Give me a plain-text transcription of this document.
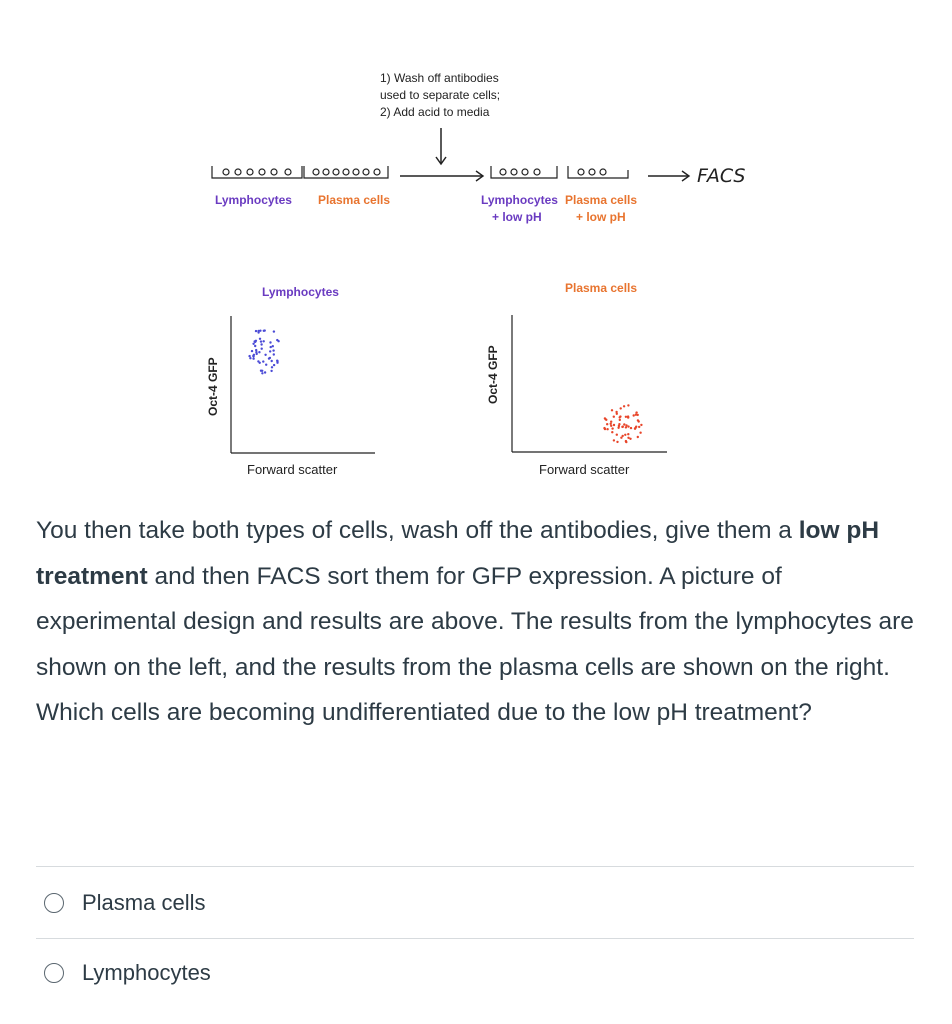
1) Wash off antibodies
used to separate cells;
2) Add acid to media
Lymphocytes Plasma cells	Lymphocytes
+ low pH
Plasma cells
+ low pH
FACS
Lymphocytes
Oct-4 GFP
Forward scatter
Plasma cells
Oct-4 GFP
Forward scatter
You then take both types of cells, wash off the antibodies, give them a low pH treatment and then FACS sort them for GFP expression. A picture of experimental design and results are above. The results from the lymphocytes are shown on the left, and the results from the plasma cells are shown on the right. Which cells are becoming undifferentiated due to the low pH treatment?
Plasma cells
Lymphocytes
